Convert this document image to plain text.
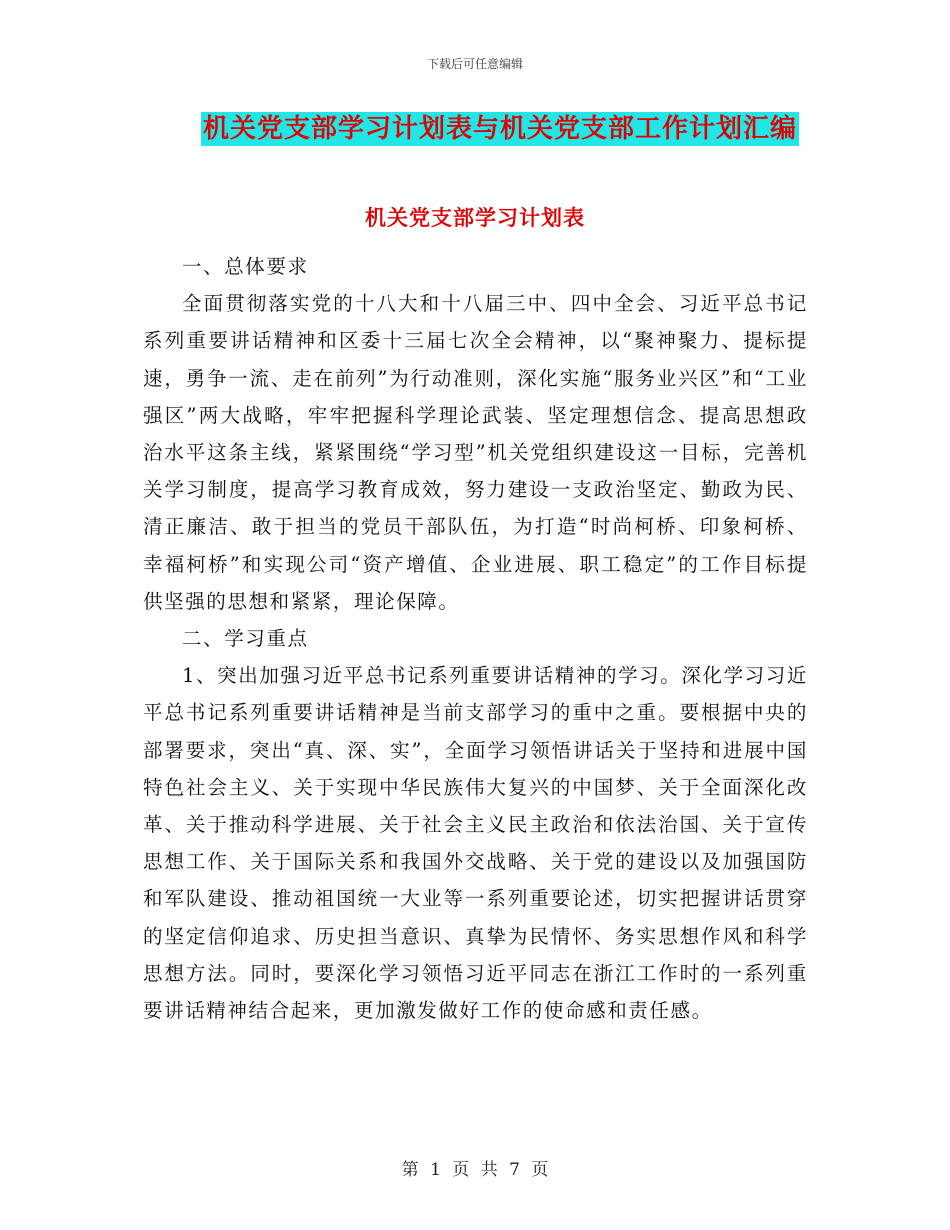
下载后可任意编辑
机关党支部学习计划表与机关党支部工作计划汇编
机关党支部学习计划表

一、总体要求

全面贯彻落实党的十八大和十八届三中、四中全会、习近平总书记系列重要讲话精神和区委十三届七次全会精神，以“聚神聚力、提标提速，勇争一流、走在前列”为行动准则，深化实施“服务业兴区”和“工业强区”两大战略，牢牢把握科学理论武装、坚定理想信念、提高思想政治水平这条主线，紧紧围绕“学习型”机关党组织建设这一目标，完善机关学习制度，提高学习教育成效，努力建设一支政治坚定、勤政为民、清正廉洁、敢于担当的党员干部队伍，为打造“时尚柯桥、印象柯桥、幸福柯桥”和实现公司“资产增值、企业进展、职工稳定”的工作目标提供坚强的思想和紧紧，理论保障。

二、学习重点

1、突出加强习近平总书记系列重要讲话精神的学习。深化学习习近平总书记系列重要讲话精神是当前支部学习的重中之重。要根据中央的部署要求，突出“真、深、实”，全面学习领悟讲话关于坚持和进展中国特色社会主义、关于实现中华民族伟大复兴的中国梦、关于全面深化改革、关于推动科学进展、关于社会主义民主政治和依法治国、关于宣传思想工作、关于国际关系和我国外交战略、关于党的建设以及加强国防和军队建设、推动祖国统一大业等一系列重要论述，切实把握讲话贯穿的坚定信仰追求、历史担当意识、真挚为民情怀、务实思想作风和科学思想方法。同时，要深化学习领悟习近平同志在浙江工作时的一系列重要讲话精神结合起来，更加激发做好工作的使命感和责任感。

第 1 页 共 7 页
